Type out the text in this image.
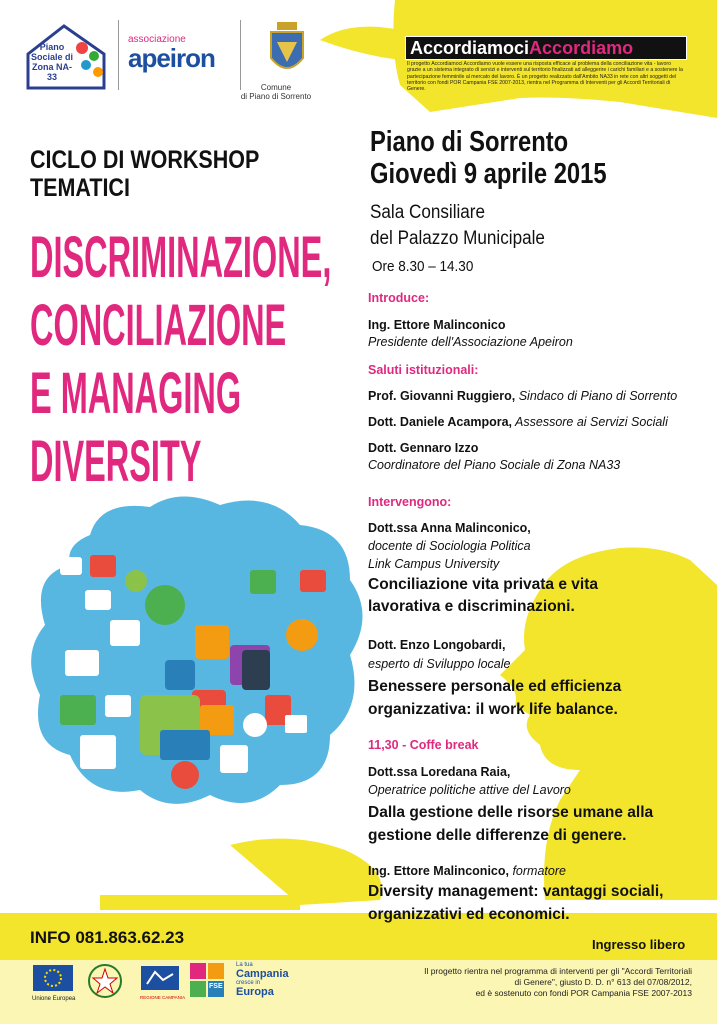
Piano Sociale di Zona NA-33
associazione
apeiron
Comune
di Piano di Sorrento
AccordiamociAccordiamo
Il progetto Accordiamoci Accordiamo vuole essere una risposta efficace al problema della conciliazione vita - lavoro grazie a un sistema integrato di servizi e interventi sul territorio finalizzati ad alleggerire i carichi familiari e a sostenere la partecipazione femminile al mercato del lavoro. È un progetto realizzato dall'Ambito NA33 in rete con altri soggetti del territorio con fondi POR Campania FSE 2007-2013, rientra nel Programma di Interventi per gli Accordi Territoriali di Genere.
CICLO DI WORKSHOP
TEMATICI
DISCRIMINAZIONE,
CONCILIAZIONE
E MANAGING
DIVERSITY
Piano di Sorrento
Giovedì 9 aprile 2015
Sala Consiliare
del Palazzo Municipale
Ore 8.30 – 14.30
Introduce:
Ing. Ettore Malinconico
Presidente dell'Associazione Apeiron
Saluti istituzionali:
Prof. Giovanni Ruggiero, Sindaco di Piano di Sorrento
Dott. Daniele Acampora, Assessore ai Servizi Sociali
Dott. Gennaro Izzo
Coordinatore del Piano Sociale di Zona NA33
Intervengono:
Dott.ssa Anna Malinconico,
docente di Sociologia Politica
Link Campus University
Conciliazione vita privata e vita
lavorativa e discriminazioni.
Dott. Enzo Longobardi,
esperto di Sviluppo locale
Benessere personale ed efficienza
organizzativa: il work life balance.
11,30 - Coffe break
Dott.ssa Loredana Raia,
Operatrice politiche attive del Lavoro
Dalla gestione delle risorse umane alla
gestione delle differenze di genere.
Ing. Ettore Malinconico, formatore
Diversity management: vantaggi sociali,
organizzativi ed economici.
INFO 081.863.62.23	Ingresso libero
Unione Europea	REGIONE CAMPANIA
FSE
La tua
Campania
cresce in
Europa
Il progetto rientra nel programma di interventi per gli "Accordi Territoriali
di Genere", giusto D. D. n° 613 del 07/08/2012,
ed è sostenuto con fondi POR Campania FSE 2007-2013
